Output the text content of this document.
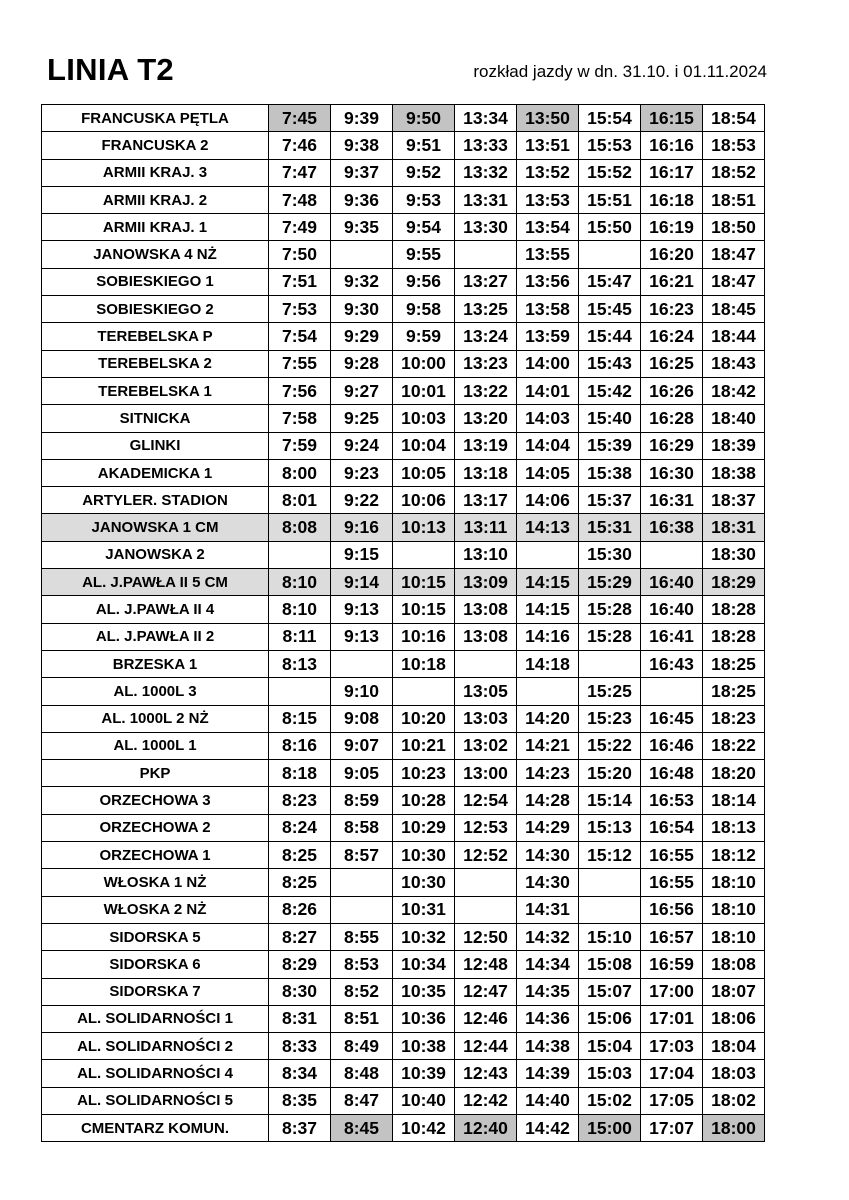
LINIA T2	rozkład jazdy w dn. 31.10. i 01.11.2024
FRANCUSKA PĘTLA	7:45	9:39	9:50	13:34	13:50	15:54	16:15	18:54
FRANCUSKA 2	7:46	9:38	9:51	13:33	13:51	15:53	16:16	18:53
ARMII KRAJ. 3	7:47	9:37	9:52	13:32	13:52	15:52	16:17	18:52
ARMII KRAJ. 2	7:48	9:36	9:53	13:31	13:53	15:51	16:18	18:51
ARMII KRAJ. 1	7:49	9:35	9:54	13:30	13:54	15:50	16:19	18:50
JANOWSKA 4 NŻ	7:50		9:55		13:55		16:20	18:47
SOBIESKIEGO 1	7:51	9:32	9:56	13:27	13:56	15:47	16:21	18:47
SOBIESKIEGO 2	7:53	9:30	9:58	13:25	13:58	15:45	16:23	18:45
TEREBELSKA P	7:54	9:29	9:59	13:24	13:59	15:44	16:24	18:44
TEREBELSKA 2	7:55	9:28	10:00	13:23	14:00	15:43	16:25	18:43
TEREBELSKA 1	7:56	9:27	10:01	13:22	14:01	15:42	16:26	18:42
SITNICKA	7:58	9:25	10:03	13:20	14:03	15:40	16:28	18:40
GLINKI	7:59	9:24	10:04	13:19	14:04	15:39	16:29	18:39
AKADEMICKA 1	8:00	9:23	10:05	13:18	14:05	15:38	16:30	18:38
ARTYLER. STADION	8:01	9:22	10:06	13:17	14:06	15:37	16:31	18:37
JANOWSKA 1 CM	8:08	9:16	10:13	13:11	14:13	15:31	16:38	18:31
JANOWSKA 2		9:15		13:10		15:30		18:30
AL. J.PAWŁA II 5 CM	8:10	9:14	10:15	13:09	14:15	15:29	16:40	18:29
AL. J.PAWŁA II 4	8:10	9:13	10:15	13:08	14:15	15:28	16:40	18:28
AL. J.PAWŁA II 2	8:11	9:13	10:16	13:08	14:16	15:28	16:41	18:28
BRZESKA 1	8:13		10:18		14:18		16:43	18:25
AL. 1000L 3		9:10		13:05		15:25		18:25
AL. 1000L 2 NŻ	8:15	9:08	10:20	13:03	14:20	15:23	16:45	18:23
AL. 1000L 1	8:16	9:07	10:21	13:02	14:21	15:22	16:46	18:22
PKP	8:18	9:05	10:23	13:00	14:23	15:20	16:48	18:20
ORZECHOWA 3	8:23	8:59	10:28	12:54	14:28	15:14	16:53	18:14
ORZECHOWA 2	8:24	8:58	10:29	12:53	14:29	15:13	16:54	18:13
ORZECHOWA 1	8:25	8:57	10:30	12:52	14:30	15:12	16:55	18:12
WŁOSKA 1 NŻ	8:25		10:30		14:30		16:55	18:10
WŁOSKA 2 NŻ	8:26		10:31		14:31		16:56	18:10
SIDORSKA 5	8:27	8:55	10:32	12:50	14:32	15:10	16:57	18:10
SIDORSKA 6	8:29	8:53	10:34	12:48	14:34	15:08	16:59	18:08
SIDORSKA 7	8:30	8:52	10:35	12:47	14:35	15:07	17:00	18:07
AL. SOLIDARNOŚCI 1	8:31	8:51	10:36	12:46	14:36	15:06	17:01	18:06
AL. SOLIDARNOŚCI 2	8:33	8:49	10:38	12:44	14:38	15:04	17:03	18:04
AL. SOLIDARNOŚCI 4	8:34	8:48	10:39	12:43	14:39	15:03	17:04	18:03
AL. SOLIDARNOŚCI 5	8:35	8:47	10:40	12:42	14:40	15:02	17:05	18:02
CMENTARZ KOMUN.	8:37	8:45	10:42	12:40	14:42	15:00	17:07	18:00
